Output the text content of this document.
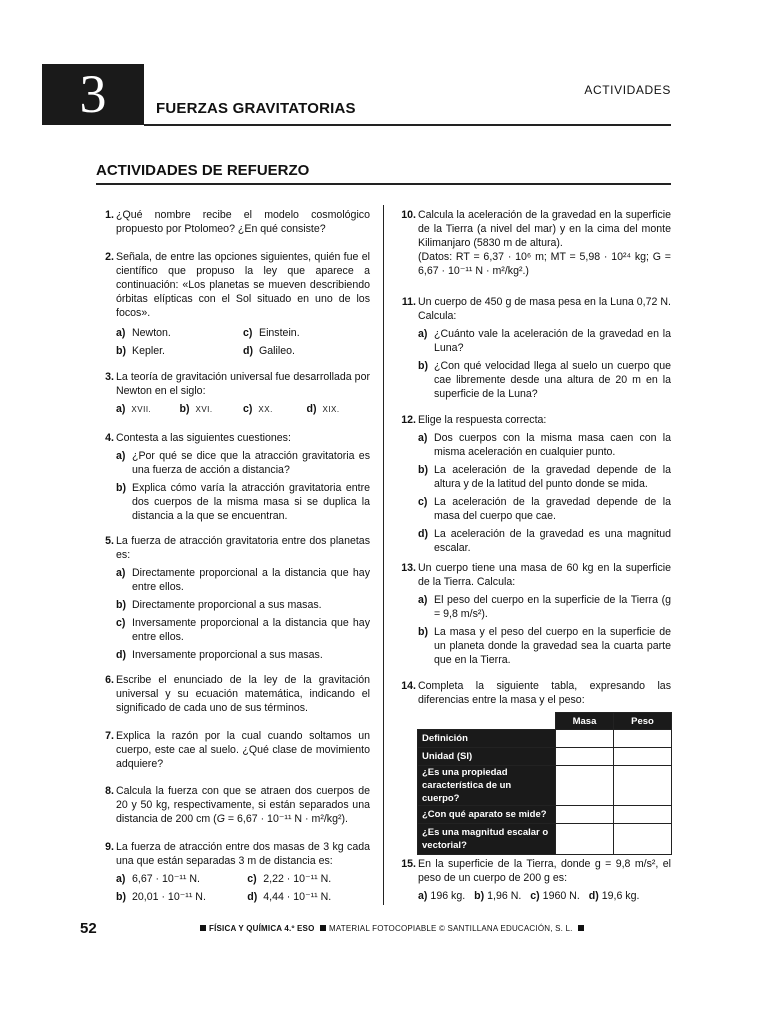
3	FUERZAS GRAVITATORIAS
ACTIVIDADES
ACTIVIDADES DE REFUERZO
1. ¿Qué nombre recibe el modelo cosmológico propuesto por Ptolomeo? ¿En qué consiste?

2. Señala, de entre las opciones siguientes, quién fue el científico que propuso la ley que aparece a continuación: «Los planetas se mueven describiendo órbitas elípticas con el Sol situado en uno de los focos».

a) Newton.	c) Einstein.
b) Kepler.	d) Galileo.
3. La teoría de gravitación universal fue desarrollada por Newton en el siglo:

a) XVII.	b) XVI.	c) XX.	d) XIX.
4. Contesta a las siguientes cuestiones:

a) ¿Por qué se dice que la atracción gravitatoria es una fuerza de acción a distancia?
b) Explica cómo varía la atracción gravitatoria entre dos cuerpos de la misma masa si se duplica la distancia a la que se encuentran.
5. La fuerza de atracción gravitatoria entre dos planetas es:

a) Directamente proporcional a la distancia que hay entre ellos.
b) Directamente proporcional a sus masas.
c) Inversamente proporcional a la distancia que hay entre ellos.
d) Inversamente proporcional a sus masas.
6. Escribe el enunciado de la ley de la gravitación universal y su ecuación matemática, indicando el significado de cada uno de sus términos.

7. Explica la razón por la cual cuando soltamos un cuerpo, este cae al suelo. ¿Qué clase de movimiento adquiere?

8. Calcula la fuerza con que se atraen dos cuerpos de 20 y 50 kg, respectivamente, si están separados una distancia de 200 cm (G = 6,67 · 10⁻¹¹ N · m²/kg²).

9. La fuerza de atracción entre dos masas de 3 kg cada una que están separadas 3 m de distancia es:

a) 6,67 · 10⁻¹¹ N.	c) 2,22 · 10⁻¹¹ N.
b) 20,01 · 10⁻¹¹ N.	d) 4,44 · 10⁻¹¹ N.
10. Calcula la aceleración de la gravedad en la superficie de la Tierra (a nivel del mar) y en la cima del monte Kilimanjaro (5830 m de altura).

(Datos: RT = 6,37 · 10⁶ m; MT = 5,98 · 10²⁴ kg; G = 6,67 · 10⁻¹¹ N · m²/kg².)

11. Un cuerpo de 450 g de masa pesa en la Luna 0,72 N. Calcula:

a) ¿Cuánto vale la aceleración de la gravedad en la Luna?
b) ¿Con qué velocidad llega al suelo un cuerpo que cae libremente desde una altura de 20 m en la superficie de la Luna?
12. Elige la respuesta correcta:

a) Dos cuerpos con la misma masa caen con la misma aceleración en cualquier punto.
b) La aceleración de la gravedad depende de la altura y de la latitud del punto donde se mida.
c) La aceleración de la gravedad depende de la masa del cuerpo que cae.
d) La aceleración de la gravedad es una magnitud escalar.
13. Un cuerpo tiene una masa de 60 kg en la superficie de la Tierra. Calcula:

a) El peso del cuerpo en la superficie de la Tierra (g = 9,8 m/s²).
b) La masa y el peso del cuerpo en la superficie de un planeta donde la gravedad sea la cuarta parte que en la Tierra.
14. Completa la siguiente tabla, expresando las diferencias entre la masa y el peso:

	Masa	Peso
Definición		
Unidad (SI)		
¿Es una propiedad característica de un cuerpo?		
¿Con qué aparato se mide?		
¿Es una magnitud escalar o vectorial?		
15. En la superficie de la Tierra, donde g = 9,8 m/s², el peso de un cuerpo de 200 g es:

a) 196 kg. b) 1,96 N. c) 1960 N. d) 19,6 kg.
52	FÍSICA Y QUÍMICA 4.º ESO MATERIAL FOTOCOPIABLE © SANTILLANA EDUCACIÓN, S. L.
